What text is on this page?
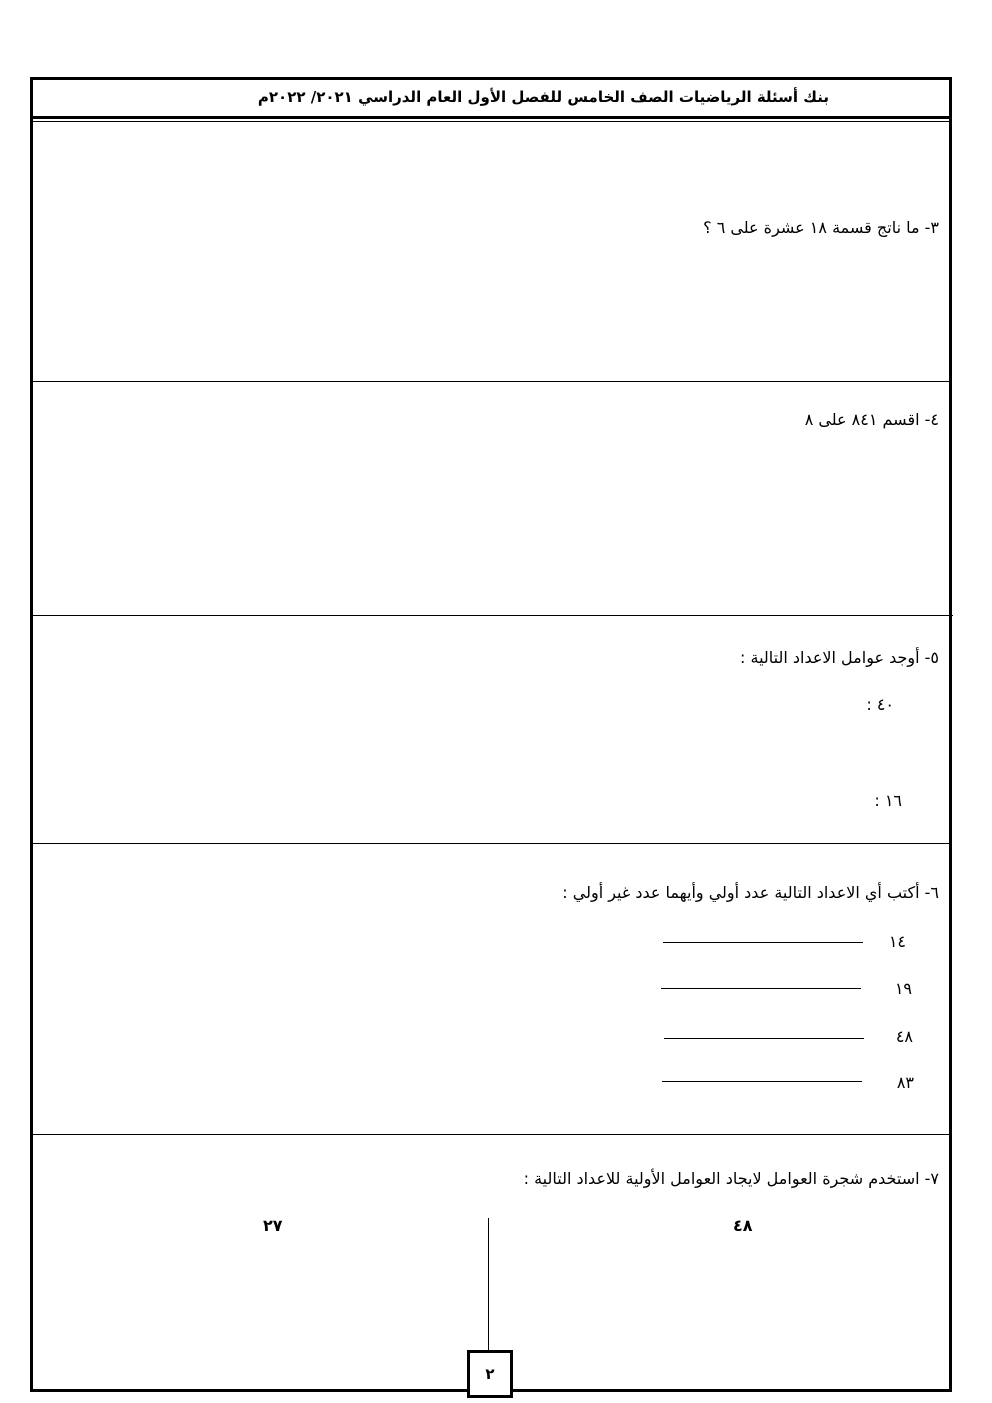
بنك أسئلة الرياضيات الصف الخامس للفصل الأول العام الدراسي ٢٠٢١/ ٢٠٢٢م
٣- ما ناتج قسمة ١٨ عشرة على ٦ ؟
٤- اقسم ٨٤١ على ٨
٥- أوجد عوامل الاعداد التالية :
٤٠ :
١٦ :
٦- أكتب أي الاعداد التالية عدد أولي وأيهما عدد غير أولي :
١٤
١٩
٤٨
٨٣
٧- استخدم شجرة العوامل لايجاد العوامل الأولية للاعداد التالية :
٤٨
٢٧
٢
